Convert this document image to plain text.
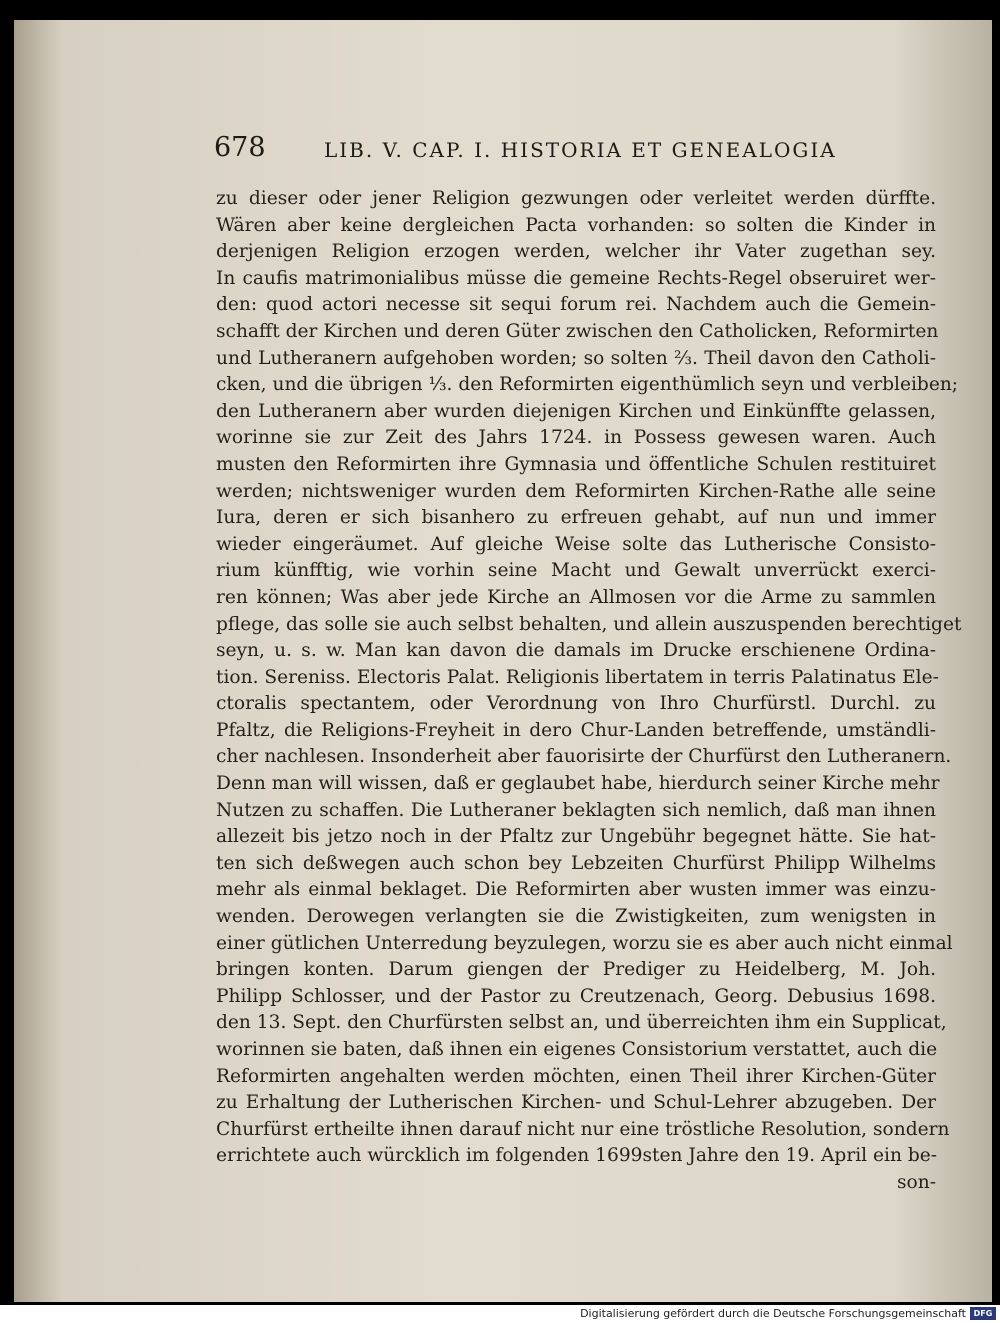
678	LIB. V. CAP. I. HISTORIA ET GENEALOGIA
zu dieser oder jener Religion gezwungen oder verleitet werden dürffte.
Wären aber keine dergleichen Pacta vorhanden: so solten die Kinder in
derjenigen Religion erzogen werden, welcher ihr Vater zugethan sey.
In caufis matrimonialibus müsse die gemeine Rechts-Regel obseruiret wer-
den: quod actori necesse sit sequi forum rei. Nachdem auch die Gemein-
schafft der Kirchen und deren Güter zwischen den Catholicken, Reformirten
und Lutheranern aufgehoben worden; so solten ⅔. Theil davon den Catholi-
cken, und die übrigen ⅓. den Reformirten eigenthümlich seyn und verbleiben;
den Lutheranern aber wurden diejenigen Kirchen und Einkünffte gelassen,
worinne sie zur Zeit des Jahrs 1724. in Possess gewesen waren. Auch
musten den Reformirten ihre Gymnasia und öffentliche Schulen restituiret
werden; nichtsweniger wurden dem Reformirten Kirchen-Rathe alle seine
Iura, deren er sich bisanhero zu erfreuen gehabt, auf nun und immer
wieder eingeräumet. Auf gleiche Weise solte das Lutherische Consisto-
rium künfftig, wie vorhin seine Macht und Gewalt unverrückt exerci-
ren können; Was aber jede Kirche an Allmosen vor die Arme zu sammlen
pflege, das solle sie auch selbst behalten, und allein auszuspenden berechtiget
seyn, u. s. w. Man kan davon die damals im Drucke erschienene Ordina-
tion. Sereniss. Electoris Palat. Religionis libertatem in terris Palatinatus Ele-
ctoralis spectantem, oder Verordnung von Ihro Churfürstl. Durchl. zu
Pfaltz, die Religions-Freyheit in dero Chur-Landen betreffende, umständli-
cher nachlesen. Insonderheit aber fauorisirte der Churfürst den Lutheranern.
Denn man will wissen, daß er geglaubet habe, hierdurch seiner Kirche mehr
Nutzen zu schaffen. Die Lutheraner beklagten sich nemlich, daß man ihnen
allezeit bis jetzo noch in der Pfaltz zur Ungebühr begegnet hätte. Sie hat-
ten sich deßwegen auch schon bey Lebzeiten Churfürst Philipp Wilhelms
mehr als einmal beklaget. Die Reformirten aber wusten immer was einzu-
wenden. Derowegen verlangten sie die Zwistigkeiten, zum wenigsten in
einer gütlichen Unterredung beyzulegen, worzu sie es aber auch nicht einmal
bringen konten. Darum giengen der Prediger zu Heidelberg, M. Joh.
Philipp Schlosser, und der Pastor zu Creutzenach, Georg. Debusius 1698.
den 13. Sept. den Churfürsten selbst an, und überreichten ihm ein Supplicat,
worinnen sie baten, daß ihnen ein eigenes Consistorium verstattet, auch die
Reformirten angehalten werden möchten, einen Theil ihrer Kirchen-Güter
zu Erhaltung der Lutherischen Kirchen- und Schul-Lehrer abzugeben. Der
Churfürst ertheilte ihnen darauf nicht nur eine tröstliche Resolution, sondern
errichtete auch würcklich im folgenden 1699sten Jahre den 19. April ein be-
son-
Digitalisierung gefördert durch die Deutsche Forschungsgemeinschaft DFG
